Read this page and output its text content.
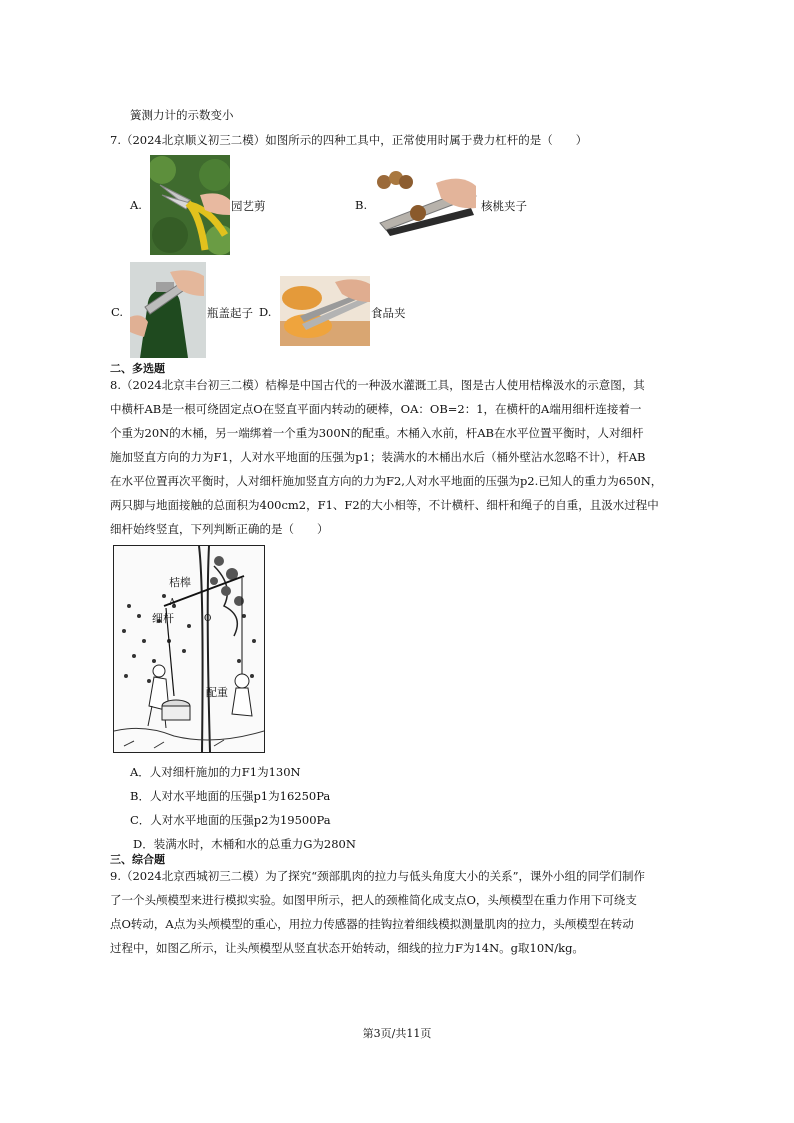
簧测力计的示数变小
7.（2024北京顺义初三二模）如图所示的四种工具中，正常使用时属于费力杠杆的是（　　）
A.	园艺剪	B.	核桃夹子
C.	瓶盖起子 D.	食品夹
二、多选题
8.（2024北京丰台初三二模）桔槔是中国古代的一种汲水灌溉工具，图是古人使用桔槔汲水的示意图，其
中横杆AB是一根可绕固定点O在竖直平面内转动的硬棒，OA：OB=2：1，在横杆的A端用细杆连接着一
个重为20N的木桶，另一端绑着一个重为300N的配重。木桶入水前，杆AB在水平位置平衡时，人对细杆
施加竖直方向的力为F1，人对水平地面的压强为p1；装满水的木桶出水后（桶外壁沾水忽略不计），杆AB
在水平位置再次平衡时，人对细杆施加竖直方向的力为F2,人对水平地面的压强为p2.已知人的重力为650N，
两只脚与地面接触的总面积为400cm2，F1、F2的大小相等，不计横杆、细杆和绳子的自重，且汲水过程中
细杆始终竖直，下列判断正确的是（　　）
桔槔
A
O
细杆
配重
A．人对细杆施加的力F1为130N
B．人对水平地面的压强p1为16250Pa
C．人对水平地面的压强p2为19500Pa
D．装满水时，木桶和水的总重力G为280N
三、综合题
9.（2024北京西城初三二模）为了探究“颈部肌肉的拉力与低头角度大小的关系”，课外小组的同学们制作
了一个头颅模型来进行模拟实验。如图甲所示，把人的颈椎简化成支点O，头颅模型在重力作用下可绕支
点O转动，A点为头颅模型的重心，用拉力传感器的挂钩拉着细线模拟测量肌肉的拉力，头颅模型在转动
过程中，如图乙所示，让头颅模型从竖直状态开始转动，细线的拉力F为14N。g取10N/kg。
第3页/共11页
